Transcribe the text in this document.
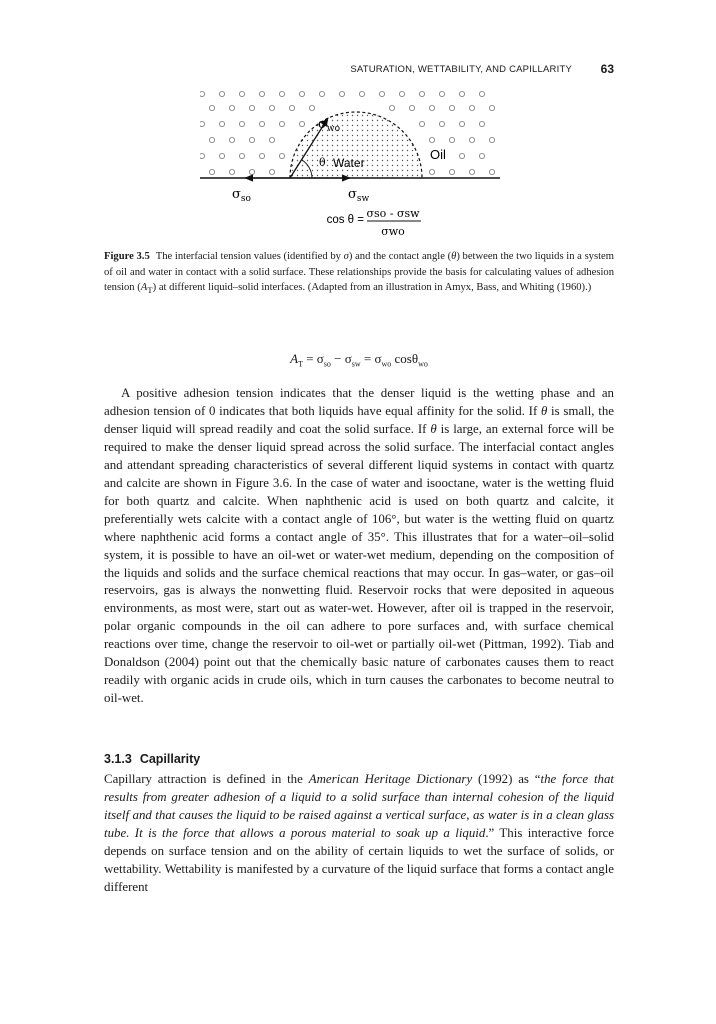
SATURATION, WETTABILITY, AND CAPILLARITY 63
$\sigma_{wo}$
Oil
θ Water
$\sigma_{so}$	$\sigma_{sw}$
cos θ = σso - σsw
σwo
Figure 3.5 The interfacial tension values (identified by σ) and the contact angle (θ) between the two liquids in a system of oil and water in contact with a solid surface. These relationships provide the basis for calculating values of adhesion tension $(A_T)$ at different liquid–solid interfaces. (Adapted from an illustration in Amyx, Bass, and Whiting (1960).)
$A_T = \sigma_{so} - \sigma_{sw} = \sigma_{wo}$ cosθ$_{wo}$

A positive adhesion tension indicates that the denser liquid is the wetting phase and an adhesion tension of 0 indicates that both liquids have equal affinity for the solid. If θ is small, the denser liquid will spread readily and coat the solid surface. If θ is large, an external force will be required to make the denser liquid spread across the solid surface. The interfacial contact angles and attendant spreading characteristics of several different liquid systems in contact with quartz and calcite are shown in Figure 3.6. In the case of water and isooctane, water is the wetting fluid for both quartz and calcite. When naphthenic acid is used on both quartz and calcite, it preferentially wets calcite with a contact angle of 106°, but water is the wetting fluid on quartz where naphthenic acid forms a contact angle of 35°. This illustrates that for a water–oil–solid system, it is possible to have an oil-wet or water-wet medium, depending on the composition of the liquids and solids and the surface chemical reactions that may occur. In gas–water, or gas–oil reservoirs, gas is always the nonwetting fluid. Reservoir rocks that were deposited in aqueous environments, as most were, start out as water-wet. However, after oil is trapped in the reservoir, polar organic compounds in the oil can adhere to pore surfaces and, with surface chemical reactions over time, change the reservoir to oil-wet or partially oil-wet (Pittman, 1992). Tiab and Donaldson (2004) point out that the chemically basic nature of carbonates causes them to react readily with organic acids in crude oils, which in turn causes the carbonates to become neutral to oil-wet.

3.1.3 Capillarity

Capillary attraction is defined in the American Heritage Dictionary (1992) as “the force that results from greater adhesion of a liquid to a solid surface than internal cohesion of the liquid itself and that causes the liquid to be raised against a vertical surface, as water is in a clean glass tube. It is the force that allows a porous material to soak up a liquid.” This interactive force depends on surface tension and on the ability of certain liquids to wet the surface of solids, or wettability. Wettability is manifested by a curvature of the liquid surface that forms a contact angle different
